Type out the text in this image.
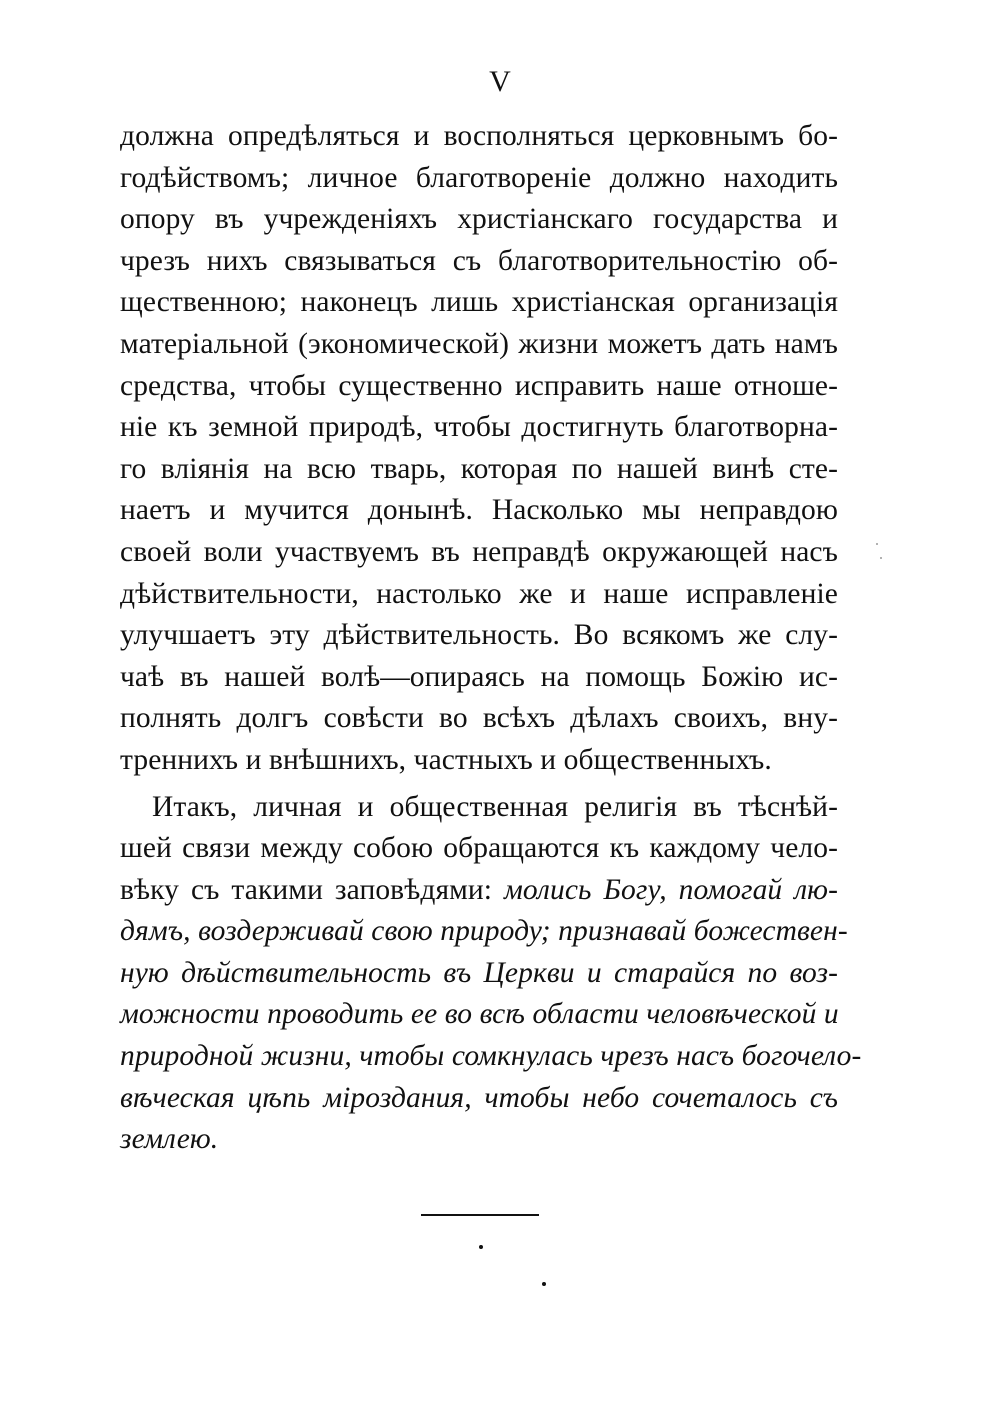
V
должна опредѣляться и восполняться церковнымъ бо-
годѣйствомъ; личное благотвореніе должно находить
опору въ учрежденіяхъ христіанскаго государства и
чрезъ нихъ связываться съ благотворительностію об-
щественною; наконецъ лишь христіанская организація
матеріальной (экономической) жизни можетъ дать намъ
средства, чтобы существенно исправить наше отноше-
ніе къ земной природѣ, чтобы достигнуть благотворна-
го вліянія на всю тварь, которая по нашей винѣ сте-
наетъ и мучится донынѣ. Насколько мы неправдою
своей воли участвуемъ въ неправдѣ окружающей насъ
дѣйствительности, настолько же и наше исправленіе
улучшаетъ эту дѣйствительность. Во всякомъ же слу-
чаѣ въ нашей волѣ—опираясь на помощь Божію ис-
полнять долгъ совѣсти во всѣхъ дѣлахъ своихъ, вну-
треннихъ и внѣшнихъ, частныхъ и общественныхъ.
Итакъ, личная и общественная религія въ тѣснѣй-
шей связи между собою обращаются къ каждому чело-
вѣку съ такими заповѣдями: молись Богу, помогай лю-
дямъ, воздерживай свою природу; признавай божествен-
ную дѣйствительность въ Церкви и старайся по воз-
можности проводить ее во всѣ области человѣческой и
природной жизни, чтобы сомкнулась чрезъ насъ богочело-
вѣческая цѣпь міроздания, чтобы небо сочеталось съ
землею.
